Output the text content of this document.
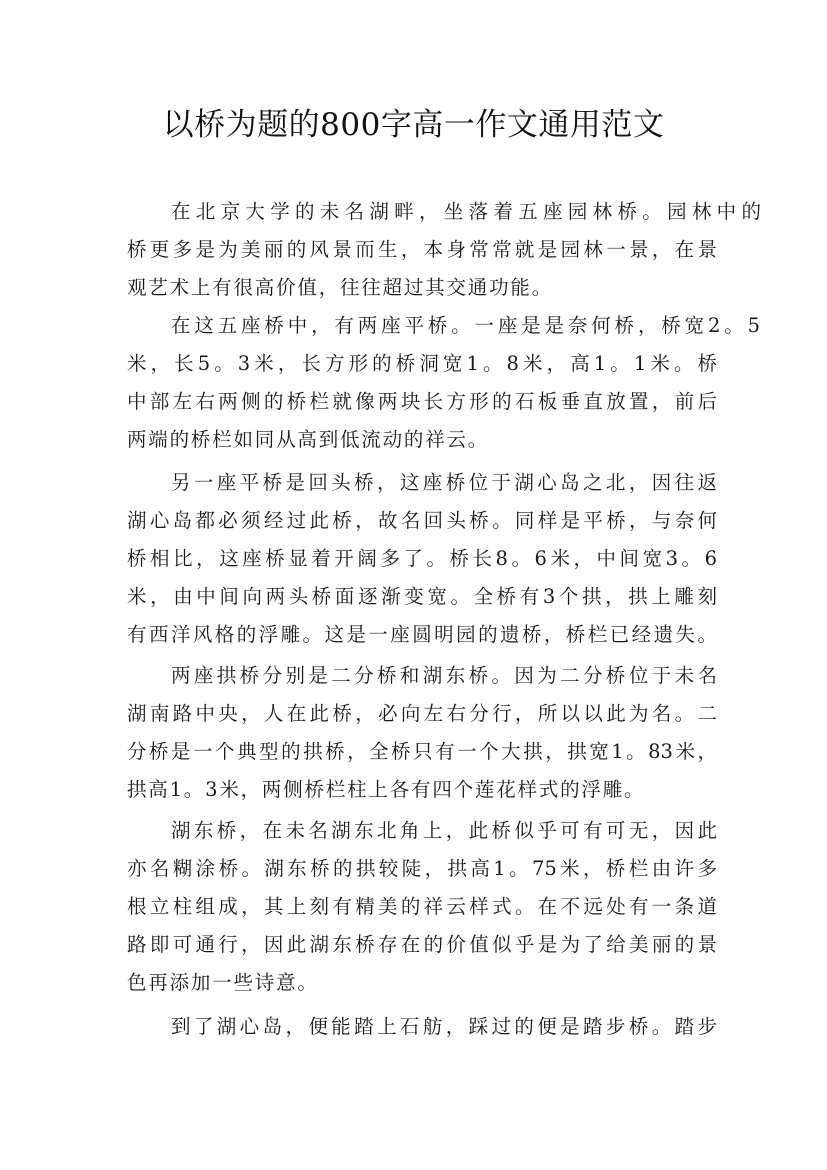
以桥为题的800字高一作文通用范文
在北京大学的未名湖畔，坐落着五座园林桥。园林中的
桥更多是为美丽的风景而生，本身常常就是园林一景，在景
观艺术上有很高价值，往往超过其交通功能。
在这五座桥中，有两座平桥。一座是是奈何桥，桥宽2。5
米，长5。3米，长方形的桥洞宽1。8米，高1。1米。桥
中部左右两侧的桥栏就像两块长方形的石板垂直放置，前后
两端的桥栏如同从高到低流动的祥云。
另一座平桥是回头桥，这座桥位于湖心岛之北，因往返
湖心岛都必须经过此桥，故名回头桥。同样是平桥，与奈何
桥相比，这座桥显着开阔多了。桥长8。6米，中间宽3。6
米，由中间向两头桥面逐渐变宽。全桥有3个拱，拱上雕刻
有西洋风格的浮雕。这是一座圆明园的遗桥，桥栏已经遗失。
两座拱桥分别是二分桥和湖东桥。因为二分桥位于未名
湖南路中央，人在此桥，必向左右分行，所以以此为名。二
分桥是一个典型的拱桥，全桥只有一个大拱，拱宽1。83米，
拱高1。3米，两侧桥栏柱上各有四个莲花样式的浮雕。
湖东桥，在未名湖东北角上，此桥似乎可有可无，因此
亦名糊涂桥。湖东桥的拱较陡，拱高1。75米，桥栏由许多
根立柱组成，其上刻有精美的祥云样式。在不远处有一条道
路即可通行，因此湖东桥存在的价值似乎是为了给美丽的景
色再添加一些诗意。
到了湖心岛，便能踏上石舫，踩过的便是踏步桥。踏步
